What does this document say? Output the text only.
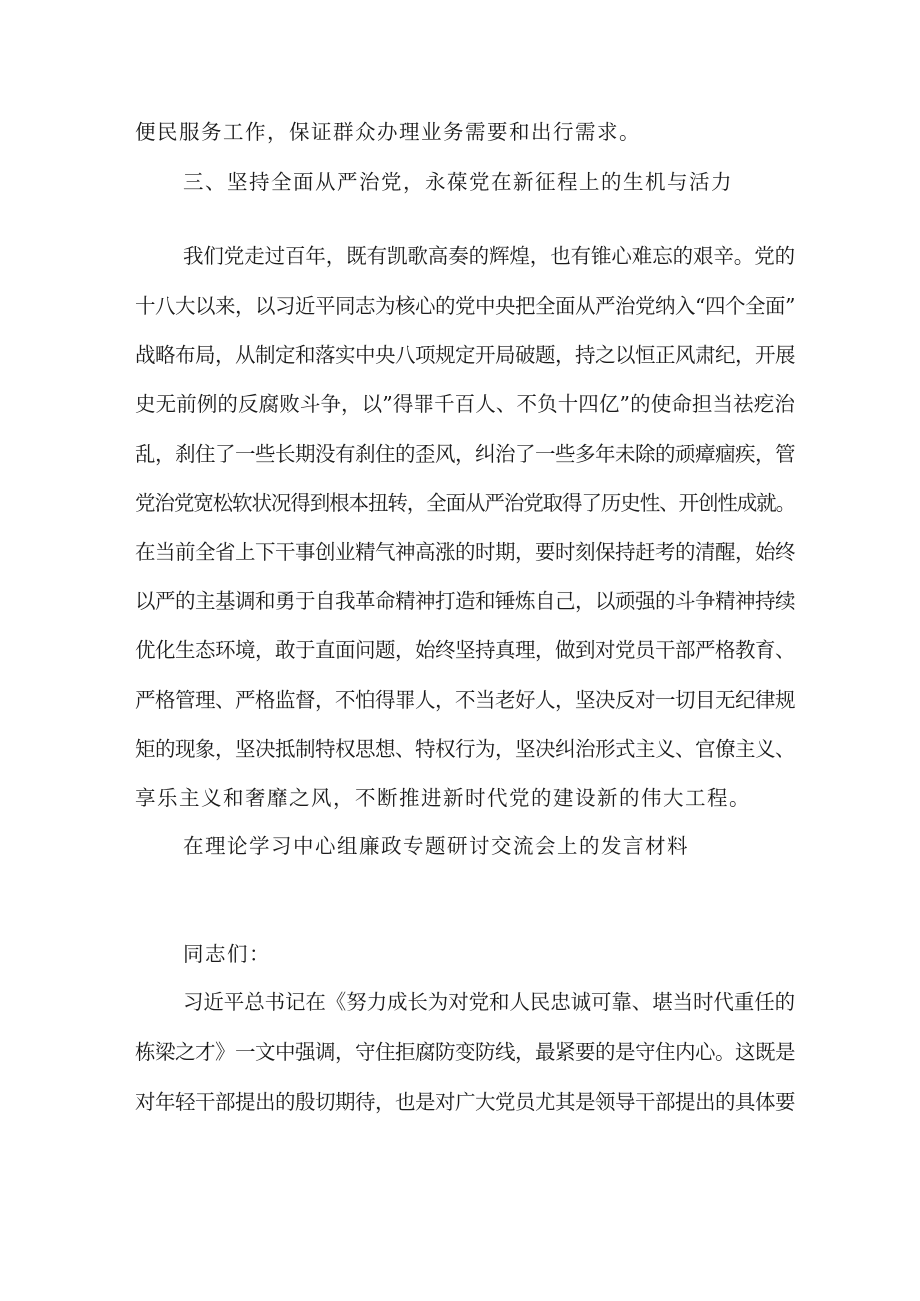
便民服务工作，保证群众办理业务需要和出行需求。
三、坚持全面从严治党，永葆党在新征程上的生机与活力
我们党走过百年，既有凯歌高奏的辉煌，也有锥心难忘的艰辛。党的
十八大以来，以习近平同志为核心的党中央把全面从严治党纳入“四个全面”
战略布局，从制定和落实中央八项规定开局破题，持之以恒正风肃纪，开展
史无前例的反腐败斗争，以”得罪千百人、不负十四亿”的使命担当祛疙治
乱，刹住了一些长期没有刹住的歪风，纠治了一些多年未除的顽瘴痼疾，管
党治党宽松软状况得到根本扭转，全面从严治党取得了历史性、开创性成就。
在当前全省上下干事创业精气神高涨的时期，要时刻保持赶考的清醒，始终
以严的主基调和勇于自我革命精神打造和锤炼自己，以顽强的斗争精神持续
优化生态环境，敢于直面问题，始终坚持真理，做到对党员干部严格教育、
严格管理、严格监督，不怕得罪人，不当老好人，坚决反对一切目无纪律规
矩的现象，坚决抵制特权思想、特权行为，坚决纠治形式主义、官僚主义、
享乐主义和奢靡之风，不断推进新时代党的建设新的伟大工程。
在理论学习中心组廉政专题研讨交流会上的发言材料
同志们：
习近平总书记在《努力成长为对党和人民忠诚可靠、堪当时代重任的
栋梁之才》一文中强调，守住拒腐防变防线，最紧要的是守住内心。这既是
对年轻干部提出的殷切期待，也是对广大党员尤其是领导干部提出的具体要
